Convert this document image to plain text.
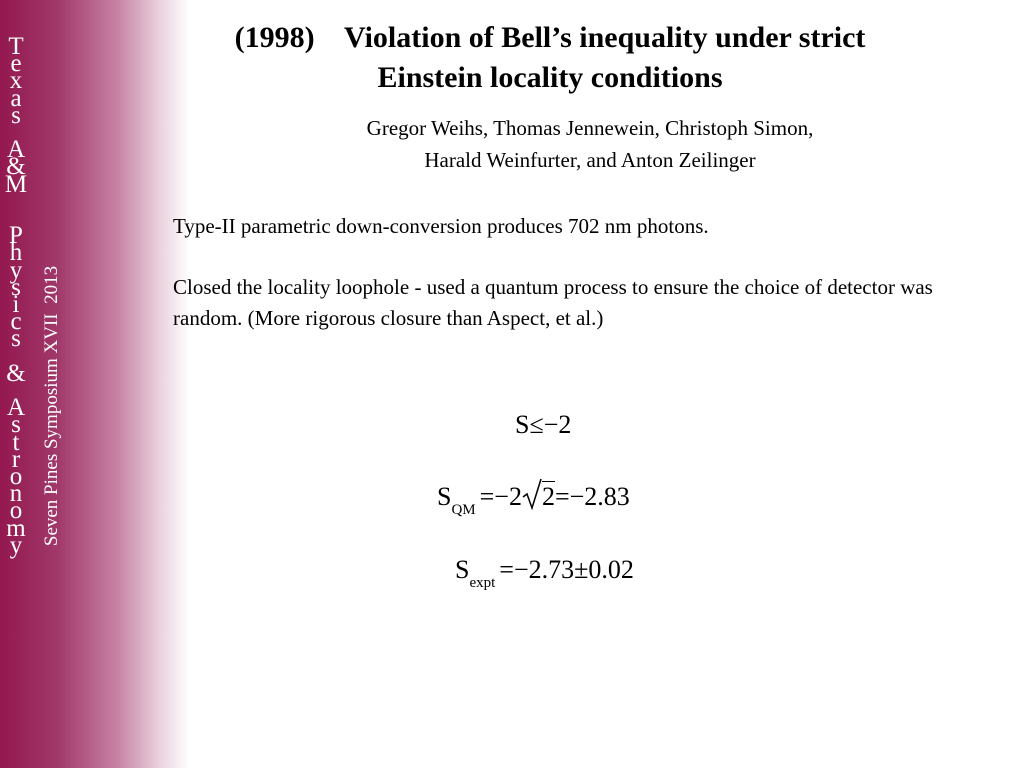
T
e
x
a
s

A
&
M

P
h
y
s
i
c
s

&

A
s
t
r
o
n
o
m
y Seven Pines Symposium XVII  2013
(1998)    Violation of Bell’s inequality under strict
Einstein locality conditions
Gregor Weihs, Thomas Jennewein, Christoph Simon,
Harald Weinfurter, and Anton Zeilinger

Type-II parametric down-conversion produces 702 nm photons.

Closed the locality loophole - used a quantum process to ensure the choice of detector was random. (More rigorous closure than Aspect, et al.)

S≤−2
$S_{QM} =-2$ 2=−2.83
$S_{expt} =-2.73\pm 0.02$
